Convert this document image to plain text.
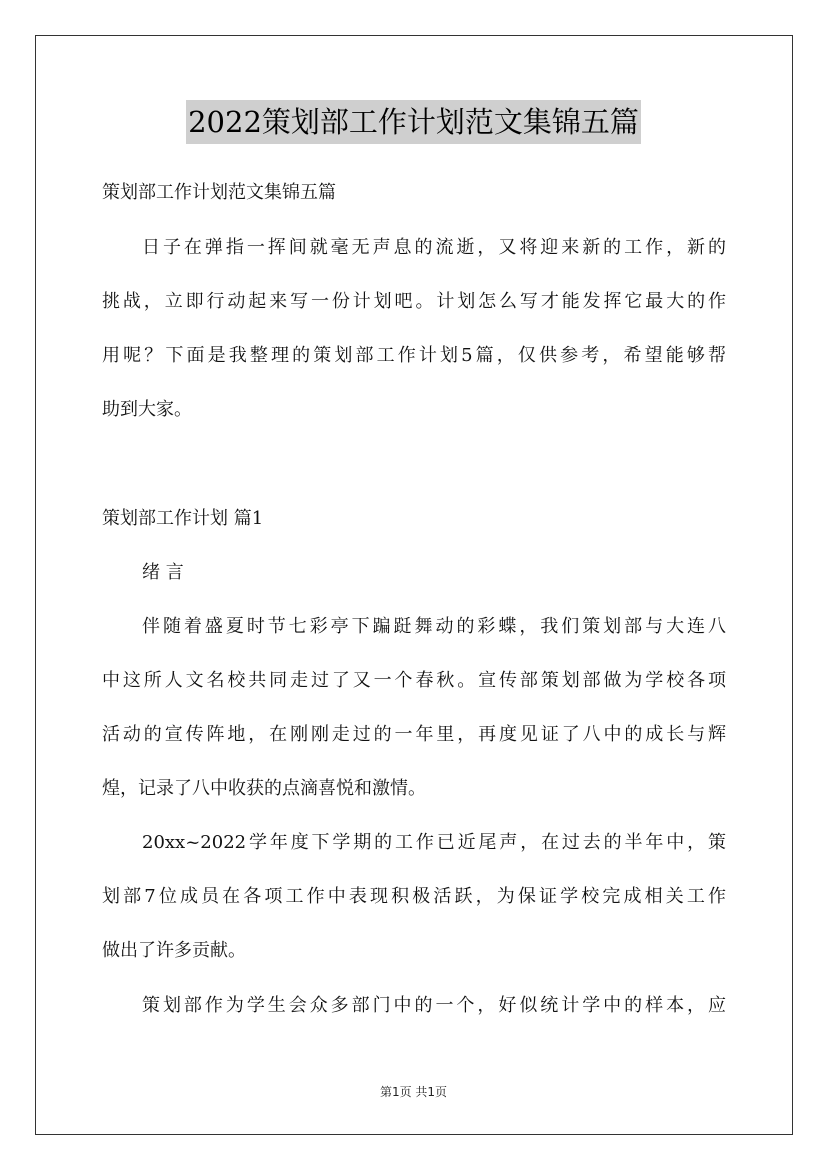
2022策划部工作计划范文集锦五篇
策划部工作计划范文集锦五篇
日子在弹指一挥间就毫无声息的流逝，又将迎来新的工作，新的
挑战，立即行动起来写一份计划吧。计划怎么写才能发挥它最大的作
用呢？下面是我整理的策划部工作计划5篇，仅供参考，希望能够帮
助到大家。
策划部工作计划 篇1
绪 言
伴随着盛夏时节七彩亭下蹁跹舞动的彩蝶，我们策划部与大连八
中这所人文名校共同走过了又一个春秋。宣传部策划部做为学校各项
活动的宣传阵地，在刚刚走过的一年里，再度见证了八中的成长与辉
煌，记录了八中收获的点滴喜悦和激情。
20xx~2022学年度下学期的工作已近尾声，在过去的半年中，策
划部7位成员在各项工作中表现积极活跃，为保证学校完成相关工作
做出了许多贡献。
策划部作为学生会众多部门中的一个，好似统计学中的样本，应
第1页 共1页
